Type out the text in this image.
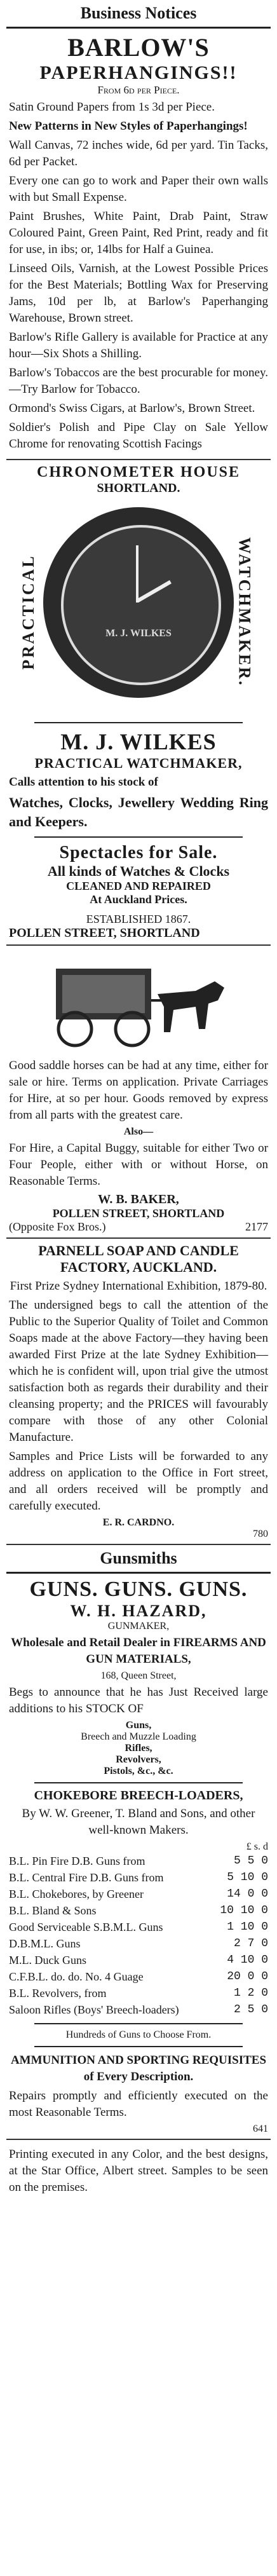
Business Notices
BARLOW'S
PAPERHANGINGS!!
From 6d per Piece.

Satin Ground Papers from 1s 3d per Piece.

New Patterns in New Styles of Paperhangings!

Wall Canvas, 72 inches wide, 6d per yard. Tin Tacks, 6d per Packet.

Every one can go to work and Paper their own walls with but Small Expense.

Paint Brushes, White Paint, Drab Paint, Straw Coloured Paint, Green Paint, Red Print, ready and fit for use, in ibs; or, 14lbs for Half a Guinea.

Linseed Oils, Varnish, at the Lowest Possible Prices for the Best Materials; Bottling Wax for Preserving Jams, 10d per lb, at Barlow's Paperhanging Warehouse, Brown street.

Barlow's Rifle Gallery is available for Practice at any hour—Six Shots a Shilling.

Barlow's Tobaccos are the best procurable for money.—Try Barlow for Tobacco.

Ormond's Swiss Cigars, at Barlow's, Brown Street.

Soldier's Polish and Pipe Clay on Sale Yellow Chrome for renovating Scottish Facings

CHRONOMETER HOUSE
SHORTLAND.
PRACTICAL	WATCHMAKER.
M. J. WILKES
M. J. WILKES
PRACTICAL WATCHMAKER,

Calls attention to his stock of

Watches, Clocks, Jewellery Wedding Ring and Keepers.

Spectacles for Sale.
All kinds of Watches & Clocks
CLEANED AND REPAIRED
At Auckland Prices.
ESTABLISHED 1867.
POLLEN STREET, SHORTLAND

Good saddle horses can be had at any time, either for sale or hire. Terms on application. Private Carriages for Hire, at so per hour. Goods removed by express from all parts with the greatest care.

Also—

For Hire, a Capital Buggy, suitable for either Two or Four People, either with or without Horse, on Reasonable Terms.

W. B. BAKER,
POLLEN STREET, SHORTLAND
(Opposite Fox Bros.)	2177
PARNELL SOAP AND CANDLE FACTORY, AUCKLAND.

First Prize Sydney International Exhibition, 1879-80.

The undersigned begs to call the attention of the Public to the Superior Quality of Toilet and Common Soaps made at the above Factory—they having been awarded First Prize at the late Sydney Exhibition—which he is confident will, upon trial give the utmost satisfaction both as regards their durability and their cleansing property; and the PRICES will favourably compare with those of any other Colonial Manufacture.

Samples and Price Lists will be forwarded to any address on application to the Office in Fort street, and all orders received will be promptly and carefully executed.

E. R. CARDNO.
780
Gunsmiths
GUNS. GUNS. GUNS.
W. H. HAZARD,
GUNMAKER,

Wholesale and Retail Dealer in FIREARMS AND GUN MATERIALS,

168, Queen Street,

Begs to announce that he has Just Received large additions to his STOCK OF

Guns,
Breech and Muzzle Loading
Rifles,
Revolvers,
Pistols, &c., &c.
CHOKEBORE BREECH-LOADERS,

By W. W. Greener, T. Bland and Sons, and other well-known Makers.

£ s. d
B.L. Pin Fire D.B. Guns from	5 5 0
B.L. Central Fire D.B. Guns from	5 10 0
B.L. Chokebores, by Greener	14 0 0
B.L. Bland & Sons	10 10 0
Good Serviceable S.B.M.L. Guns	1 10 0
D.B.M.L. Guns	2 7 0
M.L. Duck Guns	4 10 0
C.F.B.L. do. do. No. 4 Guage	20 0 0
B.L. Revolvers, from	1 2 0
Saloon Rifles (Boys' Breech-loaders)	2 5 0
Hundreds of Guns to Choose From.

AMMUNITION AND SPORTING REQUISITES of Every Description.

Repairs promptly and efficiently executed on the most Reasonable Terms.

641

Printing executed in any Color, and the best designs, at the Star Office, Albert street. Samples to be seen on the premises.
